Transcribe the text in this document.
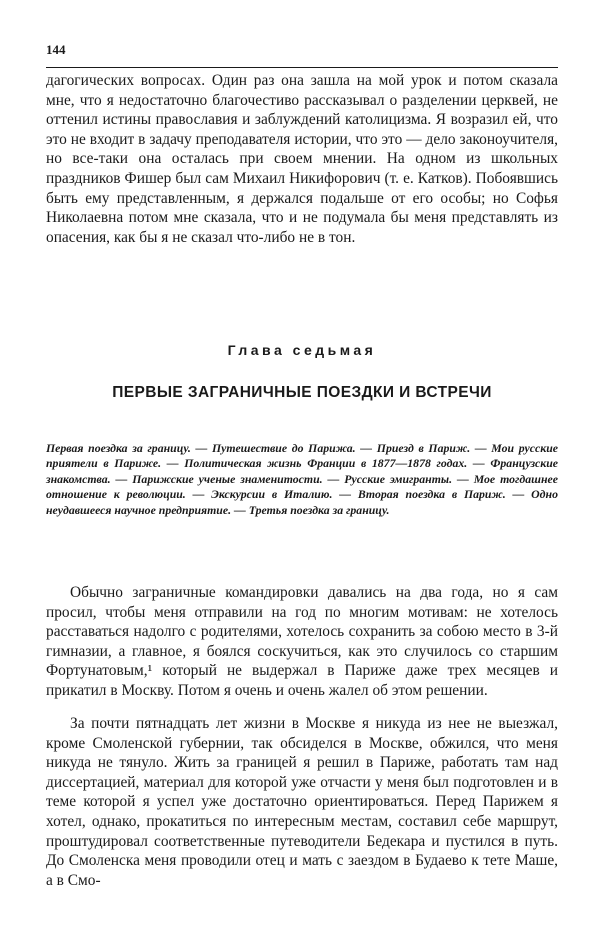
144

дагогических вопросах. Один раз она зашла на мой урок и потом сказала мне, что я недостаточно благочестиво рассказывал о разделении церквей, не оттенил истины православия и заблуждений католицизма. Я возразил ей, что это не входит в задачу преподавателя истории, что это — дело законоучителя, но все-таки она осталась при своем мнении. На одном из школьных праздников Фишер был сам Михаил Никифорович (т. е. Катков). Побоявшись быть ему представленным, я держался подальше от его особы; но Софья Николаевна потом мне сказала, что и не подумала бы меня представлять из опасения, как бы я не сказал что-либо не в тон.

Глава седьмая
ПЕРВЫЕ ЗАГРАНИЧНЫЕ ПОЕЗДКИ И ВСТРЕЧИ

Первая поездка за границу. — Путешествие до Парижа. — Приезд в Париж. — Мои русские приятели в Париже. — Политическая жизнь Франции в 1877—1878 годах. — Французские знакомства. — Парижские ученые знаменитости. — Русские эмигранты. — Мое тогдашнее отношение к революции. — Экскурсии в Италию. — Вторая поездка в Париж. — Одно неудавшееся научное предприятие. — Третья поездка за границу.

Обычно заграничные командировки давались на два года, но я сам просил, чтобы меня отправили на год по многим мотивам: не хотелось расставаться надолго с родителями, хотелось сохранить за собою место в 3-й гимназии, а главное, я боялся соскучиться, как это случилось со старшим Фортунатовым,¹ который не выдержал в Париже даже трех месяцев и прикатил в Москву. Потом я очень и очень жалел об этом решении.

За почти пятнадцать лет жизни в Москве я никуда из нее не выезжал, кроме Смоленской губернии, так обсиделся в Москве, обжился, что меня никуда не тянуло. Жить за границей я решил в Париже, работать там над диссертацией, материал для которой уже отчасти у меня был подготовлен и в теме которой я успел уже достаточно ориентироваться. Перед Парижем я хотел, однако, прокатиться по интересным местам, составил себе маршрут, проштудировал соответственные путеводители Бедекара и пустился в путь. До Смоленска меня проводили отец и мать с заездом в Будаево к тете Маше, а в Смо-
